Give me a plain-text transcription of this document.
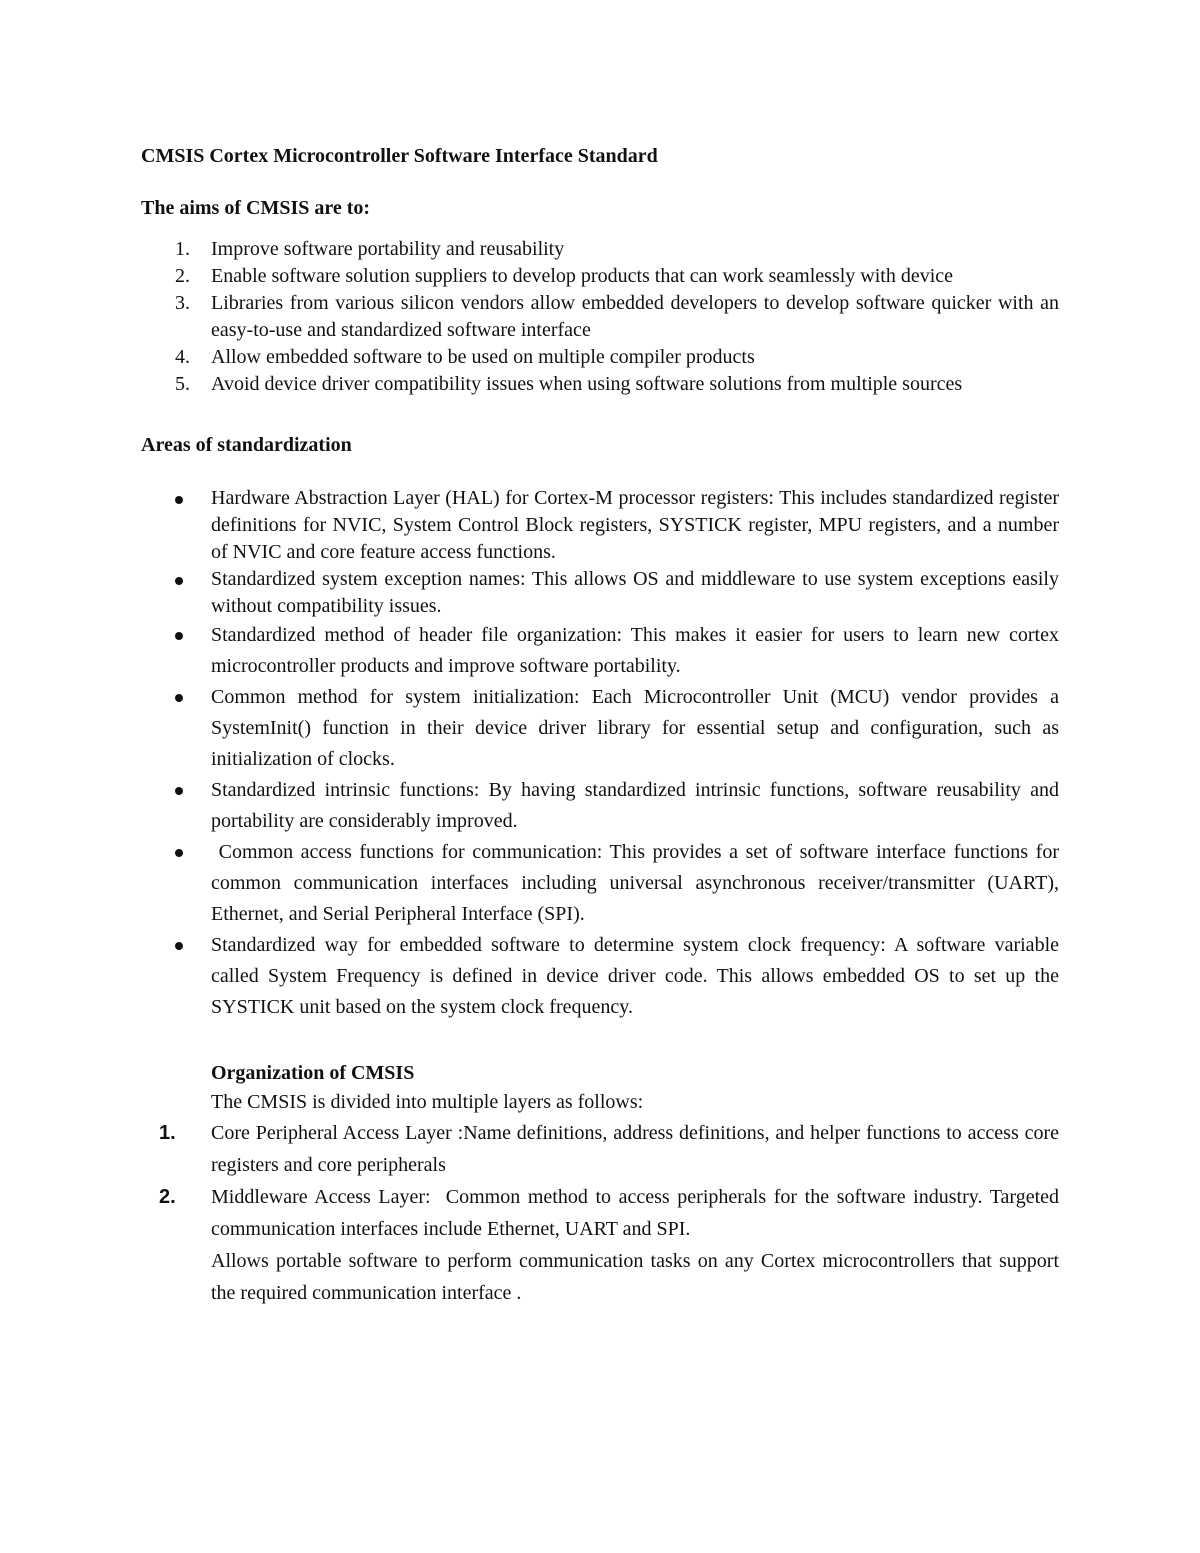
CMSIS Cortex Microcontroller Software Interface Standard
The aims of CMSIS are to:
1. Improve software portability and reusability
2. Enable software solution suppliers to develop products that can work seamlessly with device
3. Libraries from various silicon vendors allow embedded developers to develop software quicker with an easy-to-use and standardized software interface
4. Allow embedded software to be used on multiple compiler products
5. Avoid device driver compatibility issues when using software solutions from multiple sources
Areas of standardization
Hardware Abstraction Layer (HAL) for Cortex-M processor registers: This includes standardized register definitions for NVIC, System Control Block registers, SYSTICK register, MPU registers, and a number of NVIC and core feature access functions.
Standardized system exception names: This allows OS and middleware to use system exceptions easily without compatibility issues.
Standardized method of header file organization: This makes it easier for users to learn new cortex microcontroller products and improve software portability.
Common method for system initialization: Each Microcontroller Unit (MCU) vendor provides a SystemInit() function in their device driver library for essential setup and configuration, such as initialization of clocks.
Standardized intrinsic functions: By having standardized intrinsic functions, software reusability and portability are considerably improved.
Common access functions for communication: This provides a set of software interface functions for common communication interfaces including universal asynchronous receiver/transmitter (UART), Ethernet, and Serial Peripheral Interface (SPI).
Standardized way for embedded software to determine system clock frequency: A software variable called System Frequency is defined in device driver code. This allows embedded OS to set up the SYSTICK unit based on the system clock frequency.
Organization of CMSIS
The CMSIS is divided into multiple layers as follows:
1. Core Peripheral Access Layer :Name definitions, address definitions, and helper functions to access core registers and core peripherals
2. Middleware Access Layer:  Common method to access peripherals for the software industry. Targeted communication interfaces include Ethernet, UART and SPI.
Allows portable software to perform communication tasks on any Cortex microcontrollers that support the required communication interface .
